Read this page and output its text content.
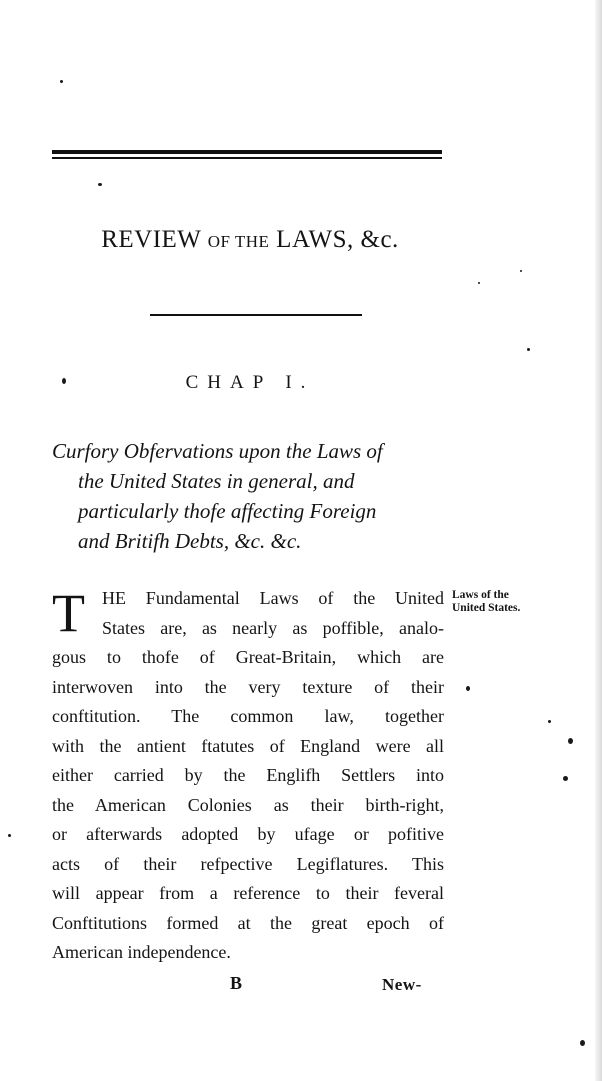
REVIEW OF THE LAWS, &c.
CHAP I.
Curfory Obfervations upon the Laws of
the United States in general, and
particularly thofe affecting Foreign
and Britifh Debts, &c. &c.
T HE Fundamental Laws of the United
States are, as nearly as poffible, analo-
gous to thofe of Great-Britain, which are
interwoven into the very texture of their
conftitution. The common law, together
with the antient ftatutes of England were all
either carried by the Englifh Settlers into
the American Colonies as their birth-right,
or afterwards adopted by ufage or pofitive
acts of their refpective Legiflatures. This
will appear from a reference to their feveral
Conftitutions formed at the great epoch of
American independence.
Laws of the
United States.
B	New-
